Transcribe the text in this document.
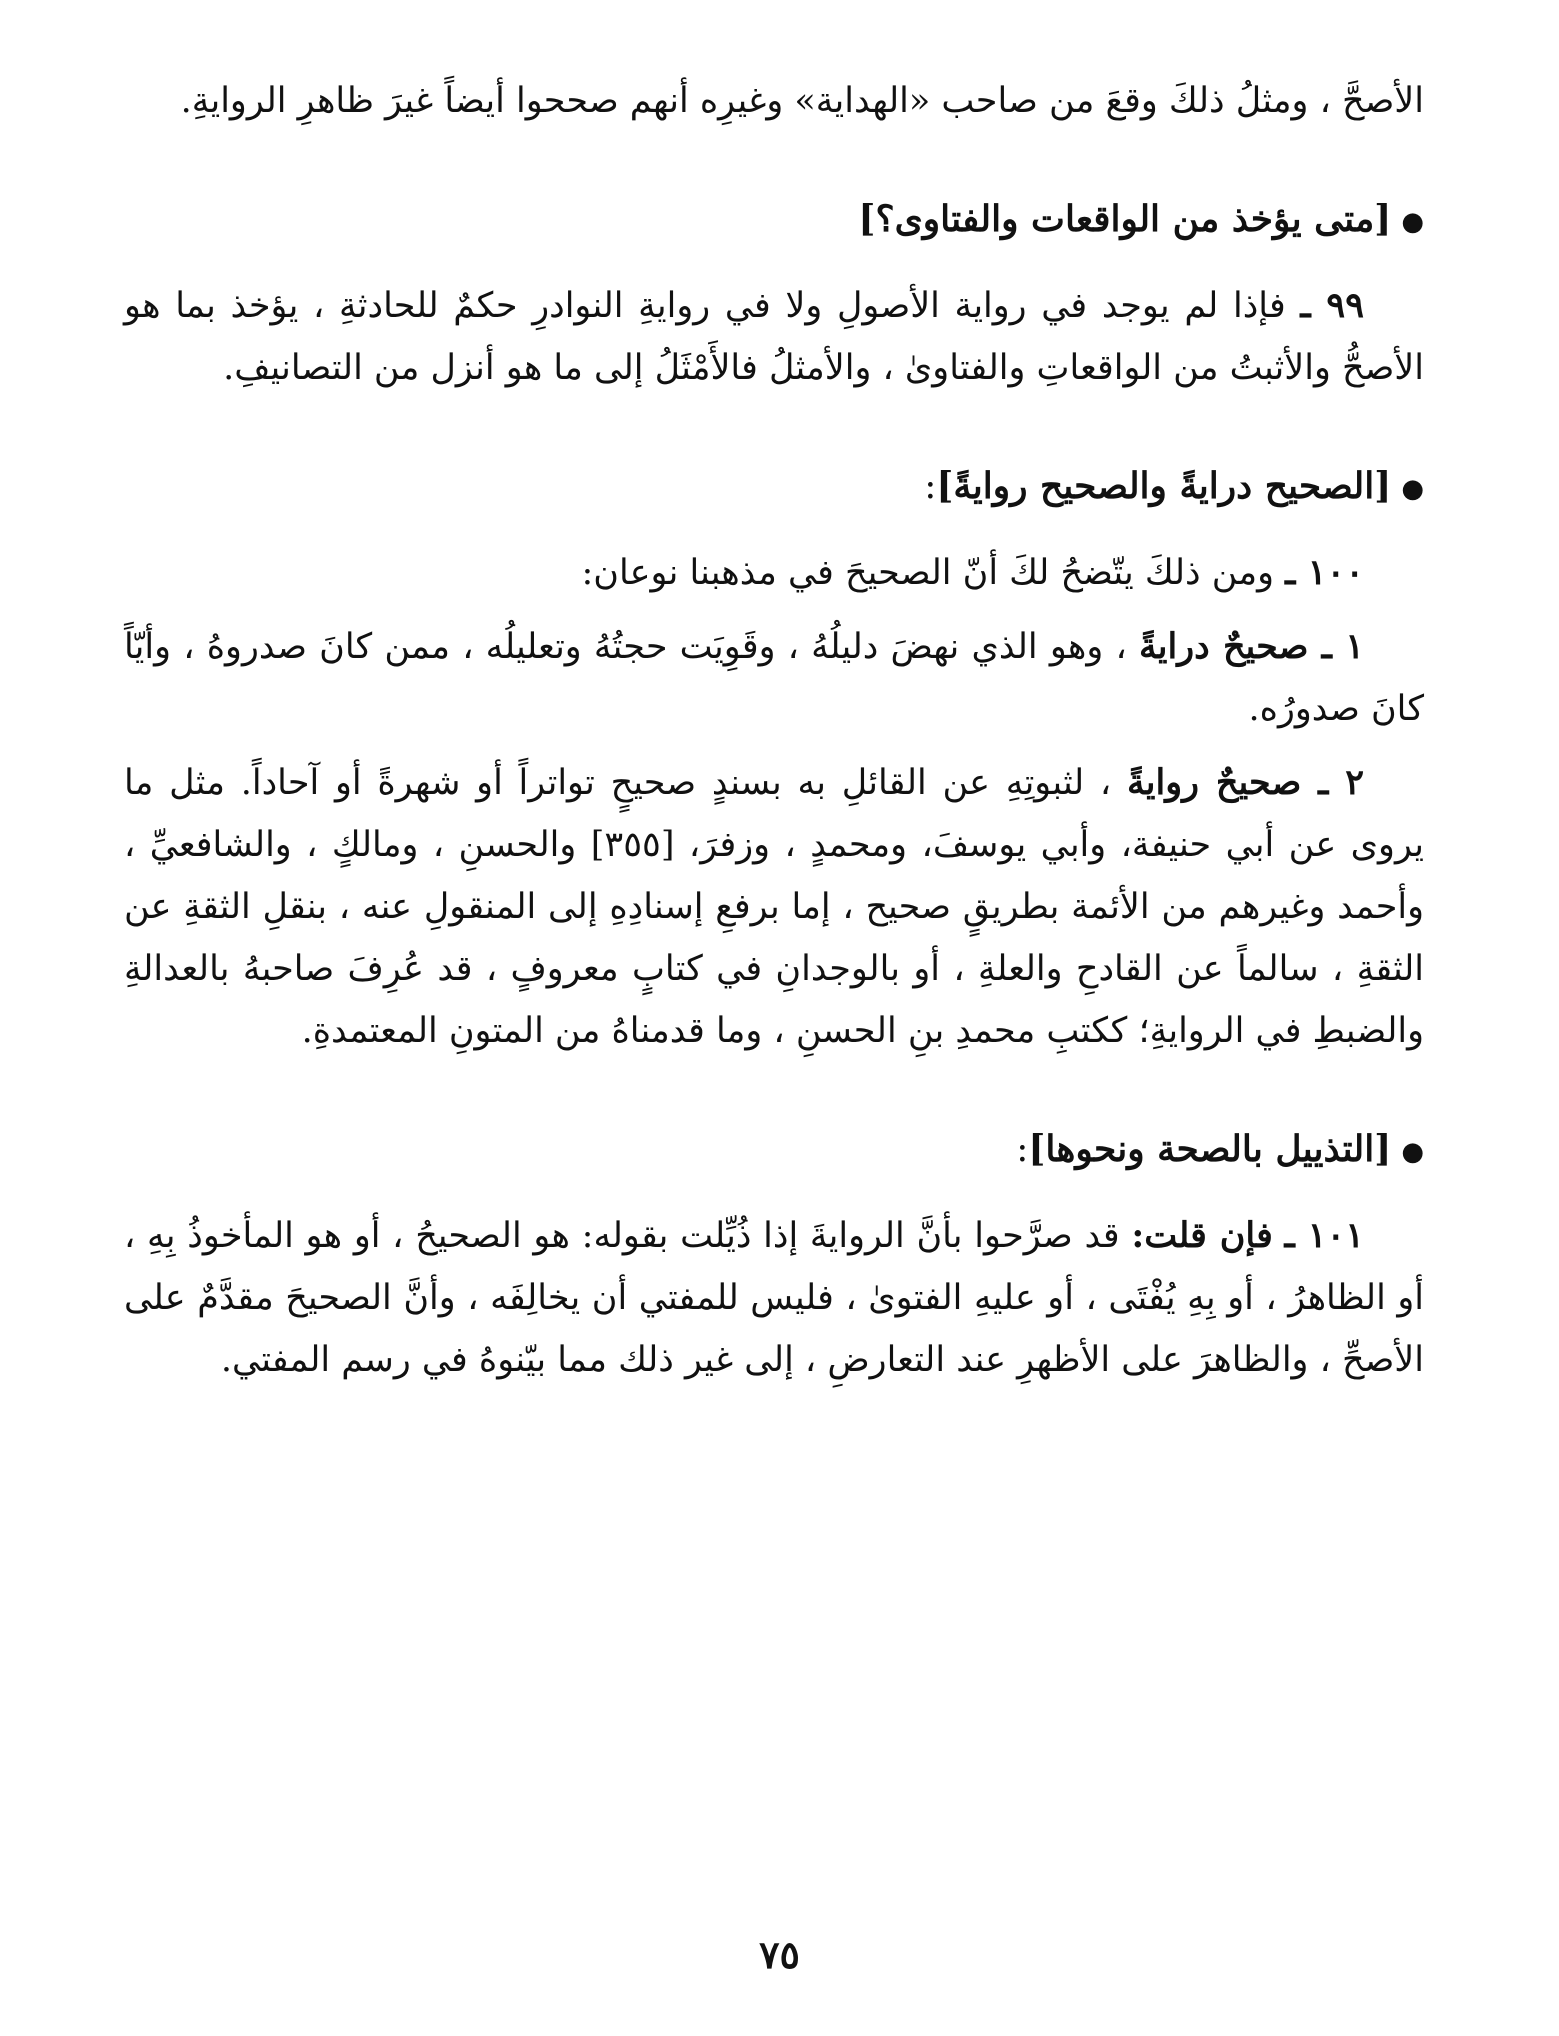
الأصحَّ ، ومثلُ ذلكَ وقعَ من صاحب «الهداية» وغيرِه أنهم صححوا أيضاً غيرَ ظاهرِ الروايةِ.

●[متى يؤخذ من الواقعات والفتاوى؟]

٩٩ ـ فإذا لم يوجد في رواية الأصولِ ولا في روايةِ النوادرِ حكمٌ للحادثةِ ، يؤخذ بما هو الأصحُّ والأثبتُ من الواقعاتِ والفتاوىٰ ، والأمثلُ فالأَمْثَلُ إلى ما هو أنزل من التصانيفِ.

●[الصحيح درايةً والصحيح روايةً]:

١٠٠ ـ ومن ذلكَ يتّضحُ لكَ أنّ الصحيحَ في مذهبنا نوعان:

١ ـ صحيحٌ درايةً ، وهو الذي نهضَ دليلُهُ ، وقَوِيَت حجتُهُ وتعليلُه ، ممن كانَ صدروهُ ، وأيّاً كانَ صدورُه.

٢ ـ صحيحٌ روايةً ، لثبوتِهِ عن القائلِ به بسندٍ صحيحٍ تواتراً أو شهرةً أو آحاداً. مثل ما يروى عن أبي حنيفة، وأبي يوسفَ، ومحمدٍ ، وزفرَ، [٣٥٥] والحسنِ ، ومالكٍ ، والشافعيِّ ، وأحمد وغيرهم من الأئمة بطريقٍ صحيح ، إما برفعِ إسنادِهِ إلى المنقولِ عنه ، بنقلِ الثقةِ عن الثقةِ ، سالماً عن القادحِ والعلةِ ، أو بالوجدانِ في كتابٍ معروفٍ ، قد عُرِفَ صاحبهُ بالعدالةِ والضبطِ في الروايةِ؛ ككتبِ محمدِ بنِ الحسنِ ، وما قدمناهُ من المتونِ المعتمدةِ.

●[التذييل بالصحة ونحوها]:

١٠١ ـ فإن قلت: قد صرَّحوا بأنَّ الروايةَ إذا ذُيِّلت بقوله: هو الصحيحُ ، أو هو المأخوذُ بِهِ ، أو الظاهرُ ، أو بِهِ يُفْتَى ، أو عليهِ الفتوىٰ ، فليس للمفتي أن يخالِفَه ، وأنَّ الصحيحَ مقدَّمٌ على الأصحِّ ، والظاهرَ على الأظهرِ عند التعارضِ ، إلى غير ذلك مما بيّنوهُ في رسم المفتي.

٧٥
